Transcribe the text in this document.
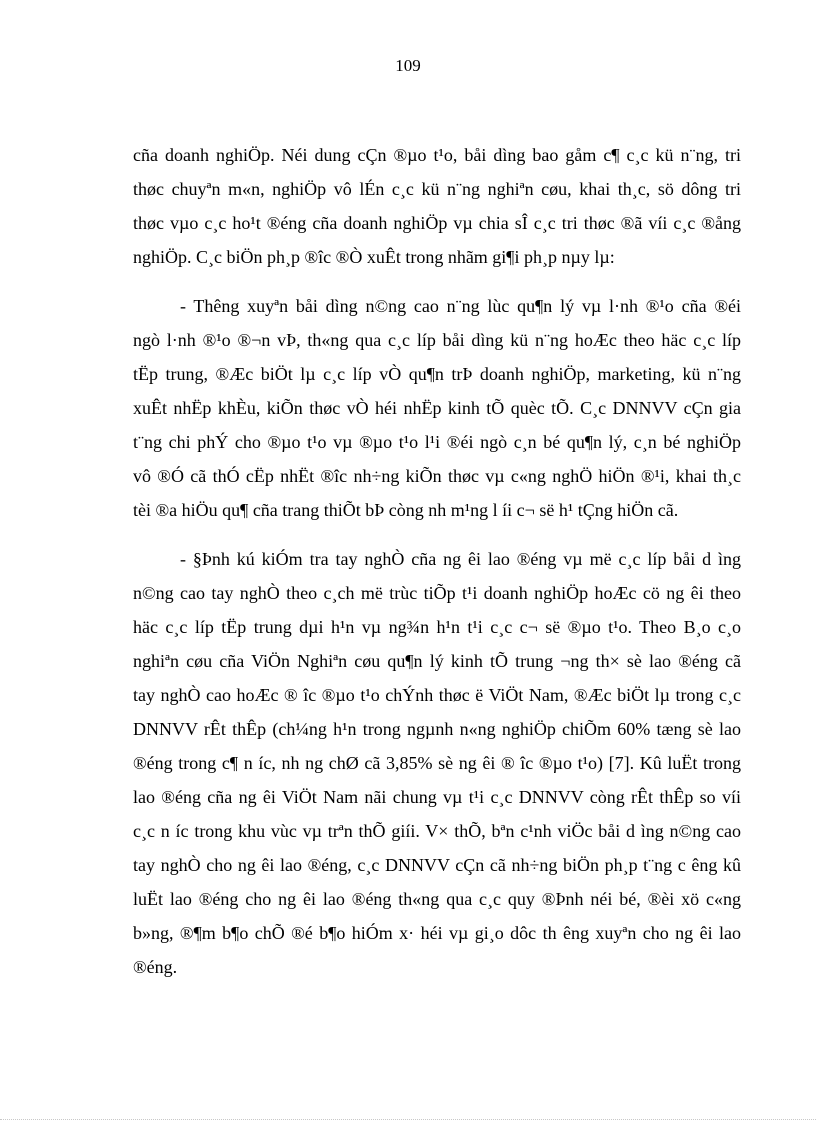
109
cña doanh nghiÖp. Néi dung cÇn ®µo t¹o, båi dìng bao gåm c¶ c¸c kü n¨ng, tri
thøc chuyªn m«n, nghiÖp vô lÉn c¸c kü n¨ng nghiªn cøu, khai th¸c, sö dông tri
thøc vµo c¸c ho¹t ®éng cña doanh nghiÖp vµ chia sÎ c¸c tri thøc ®ã víi c¸c ®ång
nghiÖp. C¸c biÖn ph¸p ®îc ®Ò xuÊt trong nhãm gi¶i ph¸p nµy lµ:
- Thêng xuyªn båi dìng n©ng cao n¨ng lùc qu¶n lý vµ l·nh ®¹o cña ®éi
ngò l·nh ®¹o ®¬n vÞ, th«ng qua c¸c líp båi dìng kü n¨ng hoÆc theo häc c¸c líp
tËp trung, ®Æc biÖt lµ c¸c líp vÒ qu¶n trÞ doanh nghiÖp, marketing, kü n¨ng
xuÊt nhËp khÈu, kiÕn thøc vÒ héi nhËp kinh tÕ quèc tÕ. C¸c DNNVV cÇn gia
t¨ng chi phÝ cho ®µo t¹o vµ ®µo t¹o l¹i ®éi ngò c¸n bé qu¶n lý, c¸n bé nghiÖp
vô ®Ó cã thÓ cËp nhËt ®îc nh÷ng kiÕn thøc vµ c«ng nghÖ hiÖn ®¹i, khai th¸c
tèi ®a hiÖu qu¶ cña trang thiÕt bÞ còng nh m¹ng l íi c¬ së h¹ tÇng hiÖn cã.
- §Þnh kú kiÓm tra tay nghÒ cña ng êi lao ®éng vµ më c¸c líp båi d ìng
n©ng cao tay nghÒ theo c¸ch më trùc tiÕp t¹i doanh nghiÖp hoÆc cö ng êi theo
häc c¸c líp tËp trung dµi h¹n vµ ng¾n h¹n t¹i c¸c c¬ së ®µo t¹o. Theo B¸o c¸o
nghiªn cøu cña ViÖn Nghiªn cøu qu¶n lý kinh tÕ trung ¬ng th× sè lao ®éng cã
tay nghÒ cao hoÆc ® îc ®µo t¹o chÝnh thøc ë ViÖt Nam, ®Æc biÖt lµ trong c¸c
DNNVV rÊt thÊp (ch¼ng h¹n trong ngµnh n«ng nghiÖp chiÕm 60% tæng sè lao
®éng trong c¶ n íc, nh ng chØ cã 3,85% sè ng êi ® îc ®µo t¹o) [7]. Kû luËt trong
lao ®éng cña ng êi ViÖt Nam nãi chung vµ t¹i c¸c DNNVV còng rÊt thÊp so víi
c¸c n íc trong khu vùc vµ trªn thÕ giíi. V× thÕ, bªn c¹nh viÖc båi d ìng n©ng cao
tay nghÒ cho ng êi lao ®éng, c¸c DNNVV cÇn cã nh÷ng biÖn ph¸p t¨ng c êng kû
luËt lao ®éng cho ng êi lao ®éng th«ng qua c¸c quy ®Þnh néi bé, ®èi xö c«ng
b»ng, ®¶m b¶o chÕ ®é b¶o hiÓm x· héi vµ gi¸o dôc th êng xuyªn cho ng êi lao
®éng.
